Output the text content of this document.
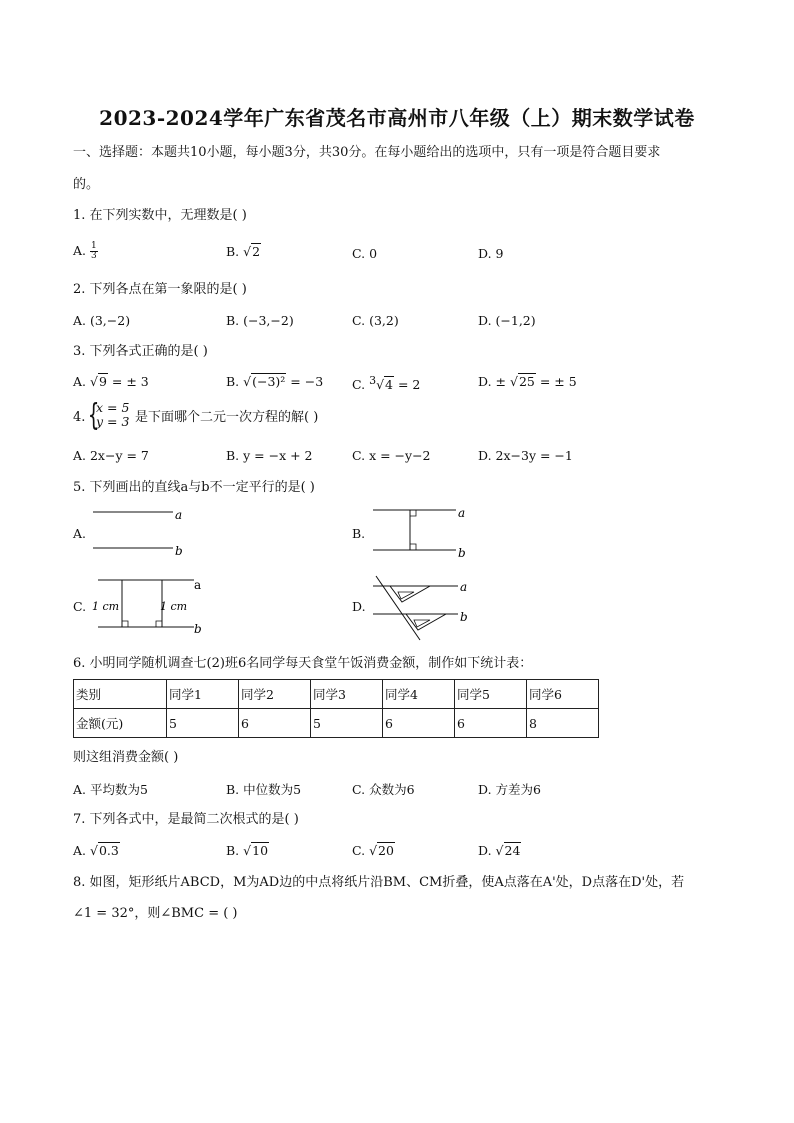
2023-2024学年广东省茂名市高州市八年级（上）期末数学试卷
一、选择题：本题共10小题，每小题3分，共30分。在每小题给出的选项中，只有一项是符合题目要求
的。
1. 在下列实数中，无理数是( )
A. $\frac{1}{3}$	B. √2	C. 0	D. 9
2. 下列各点在第一象限的是( )
A. (3,−2)	B. (−3,−2)	C. (3,2)	D. (−1,2)
3. 下列各式正确的是( )
A. √9 = ± 3	B. √(−3)² = −3 C. $^3$√4 = 2	D. ± √25 = ± 5
4. {
x = 5
y = 3 是下面哪个二元一次方程的解( )
A. 2x−y = 7	B. y = −x + 2	C. x = −y−2	D. 2x−3y = −1
5. 下列画出的直线a与b不一定平行的是( )
A.	B.
C.	D.
a
b
a
b
1 cm	1 cm
a
b
a
b
6. 小明同学随机调查七(2)班6名同学每天食堂午饭消费金额，制作如下统计表：
类别	同学1	同学2	同学3	同学4	同学5	同学6
金额(元)	5	6	5	6	6	8
则这组消费金额( )
A. 平均数为5	B. 中位数为5	C. 众数为6	D. 方差为6
7. 下列各式中，是最简二次根式的是( )
A. √0.3	B. √10	C. √20	D. √24
8. 如图，矩形纸片ABCD，M为AD边的中点将纸片沿BM、CM折叠，使A点落在A'处，D点落在D'处，若
∠1 = 32°，则∠BMC = ( )
